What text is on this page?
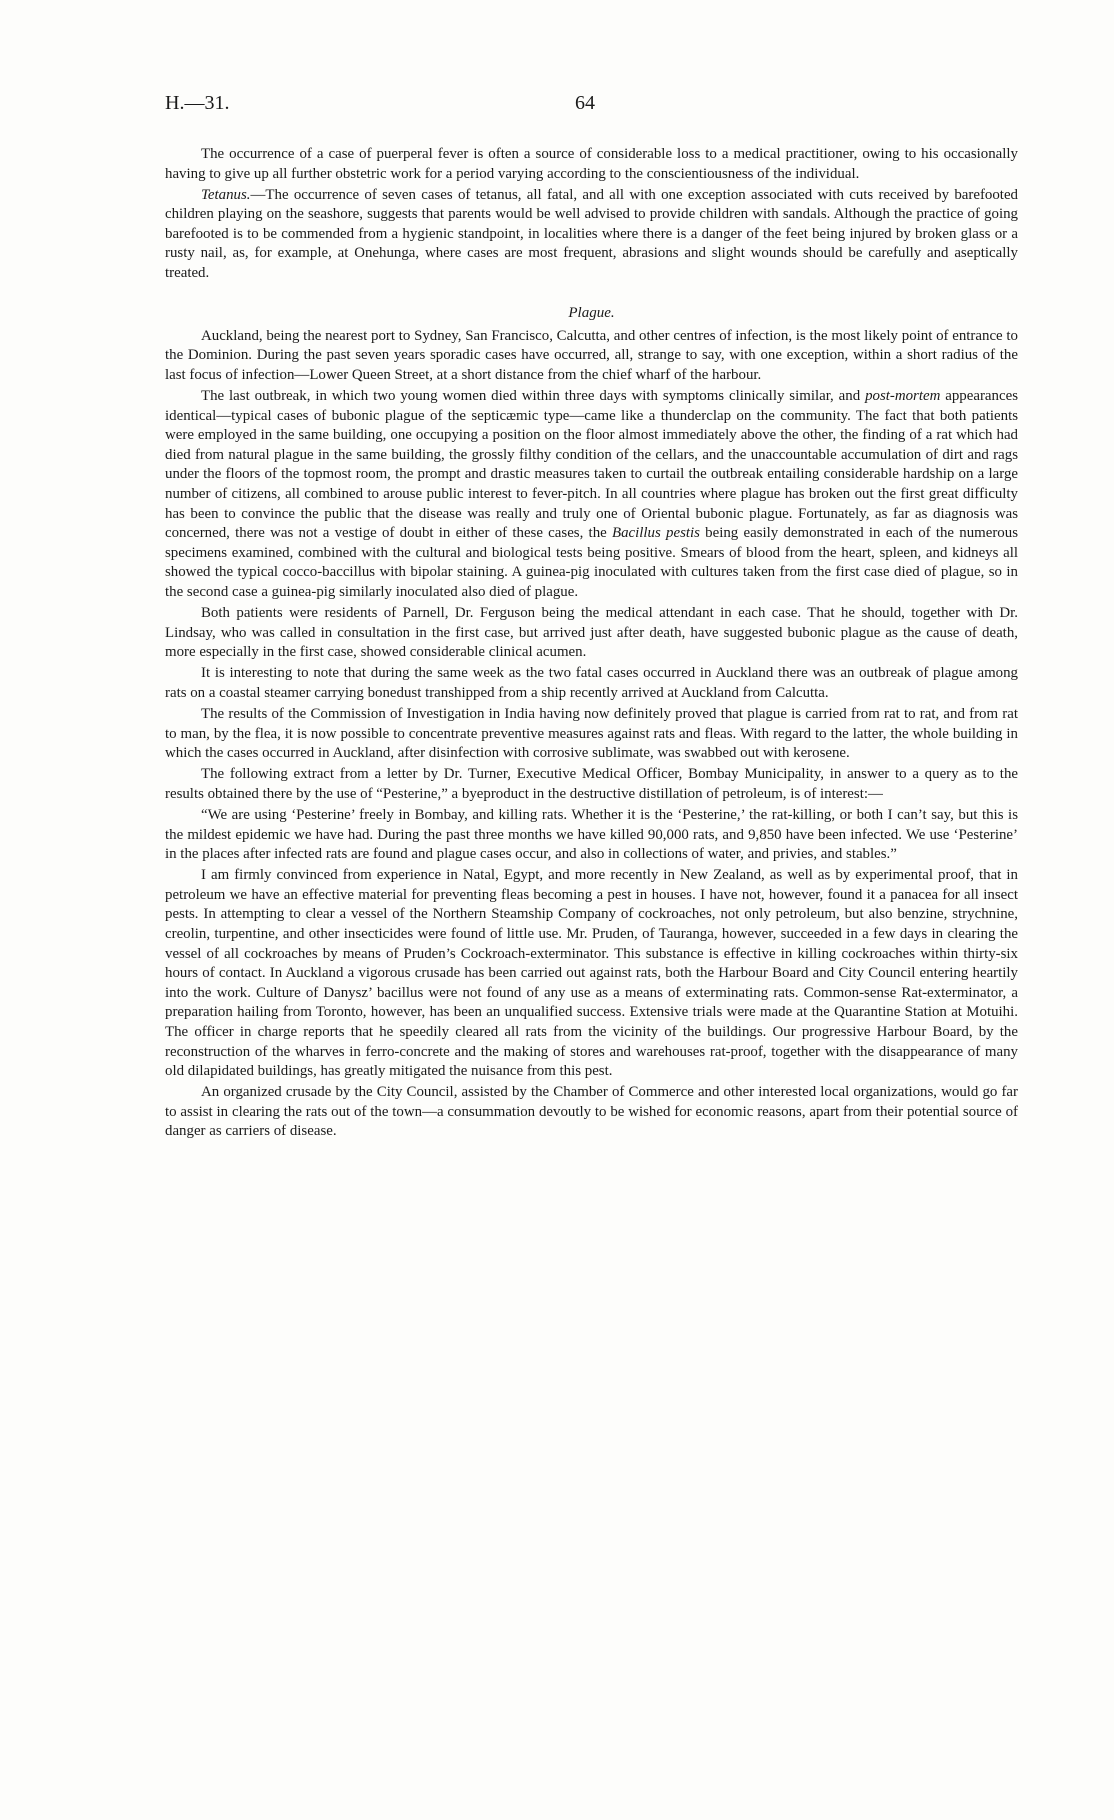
H.—31.	64

The occurrence of a case of puerperal fever is often a source of considerable loss to a medical practitioner, owing to his occasionally having to give up all further obstetric work for a period varying according to the conscientiousness of the individual.

Tetanus.—The occurrence of seven cases of tetanus, all fatal, and all with one exception associated with cuts received by barefooted children playing on the seashore, suggests that parents would be well advised to provide children with sandals. Although the practice of going barefooted is to be commended from a hygienic standpoint, in localities where there is a danger of the feet being injured by broken glass or a rusty nail, as, for example, at Onehunga, where cases are most frequent, abrasions and slight wounds should be carefully and aseptically treated.

Plague.

Auckland, being the nearest port to Sydney, San Francisco, Calcutta, and other centres of infection, is the most likely point of entrance to the Dominion. During the past seven years sporadic cases have occurred, all, strange to say, with one exception, within a short radius of the last focus of infection—Lower Queen Street, at a short distance from the chief wharf of the harbour.

The last outbreak, in which two young women died within three days with symptoms clinically similar, and post-mortem appearances identical—typical cases of bubonic plague of the septicæmic type—came like a thunderclap on the community. The fact that both patients were employed in the same building, one occupying a position on the floor almost immediately above the other, the finding of a rat which had died from natural plague in the same building, the grossly filthy condition of the cellars, and the unaccountable accumulation of dirt and rags under the floors of the topmost room, the prompt and drastic measures taken to curtail the outbreak entailing considerable hardship on a large number of citizens, all combined to arouse public interest to fever-pitch. In all countries where plague has broken out the first great difficulty has been to convince the public that the disease was really and truly one of Oriental bubonic plague. Fortunately, as far as diagnosis was concerned, there was not a vestige of doubt in either of these cases, the Bacillus pestis being easily demonstrated in each of the numerous specimens examined, combined with the cultural and biological tests being positive. Smears of blood from the heart, spleen, and kidneys all showed the typical cocco-baccillus with bipolar staining. A guinea-pig inoculated with cultures taken from the first case died of plague, so in the second case a guinea-pig similarly inoculated also died of plague.

Both patients were residents of Parnell, Dr. Ferguson being the medical attendant in each case. That he should, together with Dr. Lindsay, who was called in consultation in the first case, but arrived just after death, have suggested bubonic plague as the cause of death, more especially in the first case, showed considerable clinical acumen.

It is interesting to note that during the same week as the two fatal cases occurred in Auckland there was an outbreak of plague among rats on a coastal steamer carrying bonedust transhipped from a ship recently arrived at Auckland from Calcutta.

The results of the Commission of Investigation in India having now definitely proved that plague is carried from rat to rat, and from rat to man, by the flea, it is now possible to concentrate preventive measures against rats and fleas. With regard to the latter, the whole building in which the cases occurred in Auckland, after disinfection with corrosive sublimate, was swabbed out with kerosene.

The following extract from a letter by Dr. Turner, Executive Medical Officer, Bombay Municipality, in answer to a query as to the results obtained there by the use of “Pesterine,” a byeproduct in the destructive distillation of petroleum, is of interest:—

“We are using ‘Pesterine’ freely in Bombay, and killing rats. Whether it is the ‘Pesterine,’ the rat-killing, or both I can’t say, but this is the mildest epidemic we have had. During the past three months we have killed 90,000 rats, and 9,850 have been infected. We use ‘Pesterine’ in the places after infected rats are found and plague cases occur, and also in collections of water, and privies, and stables.”

I am firmly convinced from experience in Natal, Egypt, and more recently in New Zealand, as well as by experimental proof, that in petroleum we have an effective material for preventing fleas becoming a pest in houses. I have not, however, found it a panacea for all insect pests. In attempting to clear a vessel of the Northern Steamship Company of cockroaches, not only petroleum, but also benzine, strychnine, creolin, turpentine, and other insecticides were found of little use. Mr. Pruden, of Tauranga, however, succeeded in a few days in clearing the vessel of all cockroaches by means of Pruden’s Cockroach-exterminator. This substance is effective in killing cockroaches within thirty-six hours of contact. In Auckland a vigorous crusade has been carried out against rats, both the Harbour Board and City Council entering heartily into the work. Culture of Danysz’ bacillus were not found of any use as a means of exterminating rats. Common-sense Rat-exterminator, a preparation hailing from Toronto, however, has been an unqualified success. Extensive trials were made at the Quarantine Station at Motuihi. The officer in charge reports that he speedily cleared all rats from the vicinity of the buildings. Our progressive Harbour Board, by the reconstruction of the wharves in ferro-concrete and the making of stores and warehouses rat-proof, together with the disappearance of many old dilapidated buildings, has greatly mitigated the nuisance from this pest.

An organized crusade by the City Council, assisted by the Chamber of Commerce and other interested local organizations, would go far to assist in clearing the rats out of the town—a consummation devoutly to be wished for economic reasons, apart from their potential source of danger as carriers of disease.
